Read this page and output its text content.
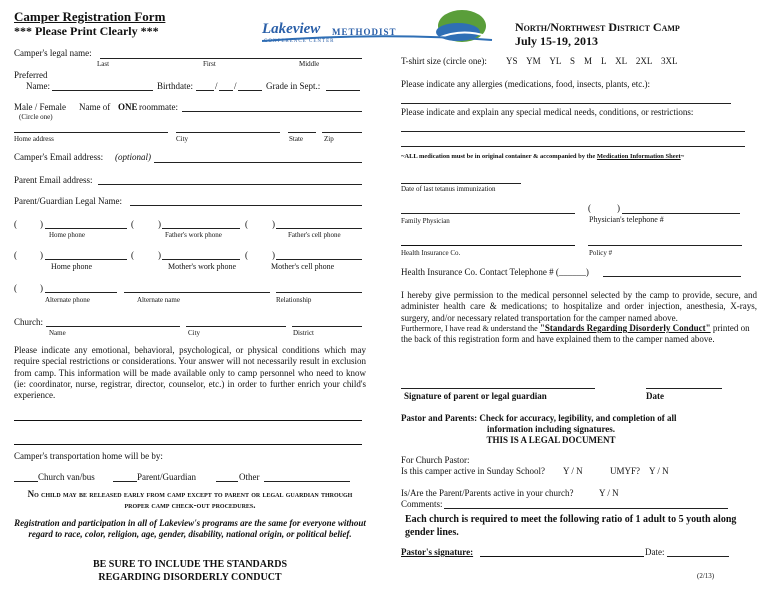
Camper Registration Form
*** Please Print Clearly ***	Lakeview METHODIST
CONFERENCE CENTER
North/Northwest District Camp
July 15-19, 2013
Camper's legal name:
Last	First	Middle
Preferred
Name:	Birthdate: / /	Grade in Sept.:
Male / Female Name of ONE roommate:
(Circle one)
Home address	City	State	Zip
Camper's Email address: (optional)
Parent Email address:
Parent/Guardian Legal Name:
(	)	(	)	(	)
Home phone	Father's work phone	Father's cell phone
(	)	(	)	(	)
Home phone	Mother's work phone	Mother's cell phone
(	)
Alternate phone	Alternate name	Relationship
Church:
Name	City	District
Please indicate any emotional, behavioral, psychological, or physical conditions which may require special restrictions or considerations. Your answer will not necessarily result in exclusion from camp. This information will be made available only to camp personnel who need to know (ie: coordinator, nurse, registrar, director, counselor, etc.) in order to further enrich your child's experience.
Camper's transportation home will be by:
Church van/bus	Parent/Guardian	Other
No child may be released early from camp except to parent or legal guardian through proper camp check-out procedures.
Registration and participation in all of Lakeview's programs are the same for everyone without regard to race, color, religion, age, gender, disability, national origin, or political belief.
BE SURE TO INCLUDE THE STANDARDS
REGARDING DISORDERLY CONDUCT
T-shirt size (circle one): YS    YM    YL    S    M    L    XL    2XL    3XL
Please indicate any allergies (medications, food, insects, plants, etc.):
Please indicate and explain any special medical needs, conditions, or restrictions:
~ALL medication must be in original container & accompanied by the Medication Information Sheet~
Date of last tetanus immunization
(	)
Family Physician	Physician's telephone #
Health Insurance Co.	Policy #
Health Insurance Co. Contact Telephone # (______)
I hereby give permission to the medical personnel selected by the camp to provide, secure, and administer health care & medications; to hospitalize and order injection, anesthesia, X-rays, surgery, and/or necessary related transportation for the camper named above.
Furthermore, I have read & understand the "Standards Regarding Disorderly Conduct" printed on the back of this registration form and have explained them to the camper named above.
Signature of parent or legal guardian	Date
Pastor and Parents: Check for accuracy, legibility, and completion of all
information including signatures.
THIS IS A LEGAL DOCUMENT
For Church Pastor:
Is this camper active in Sunday School? Y / N	UMYF? Y / N
Is/Are the Parent/Parents active in your church?	Y / N
Comments:
Each church is required to meet the following ratio of 1 adult to 5 youth along gender lines.
Pastor's signature:	Date:
(2/13)
